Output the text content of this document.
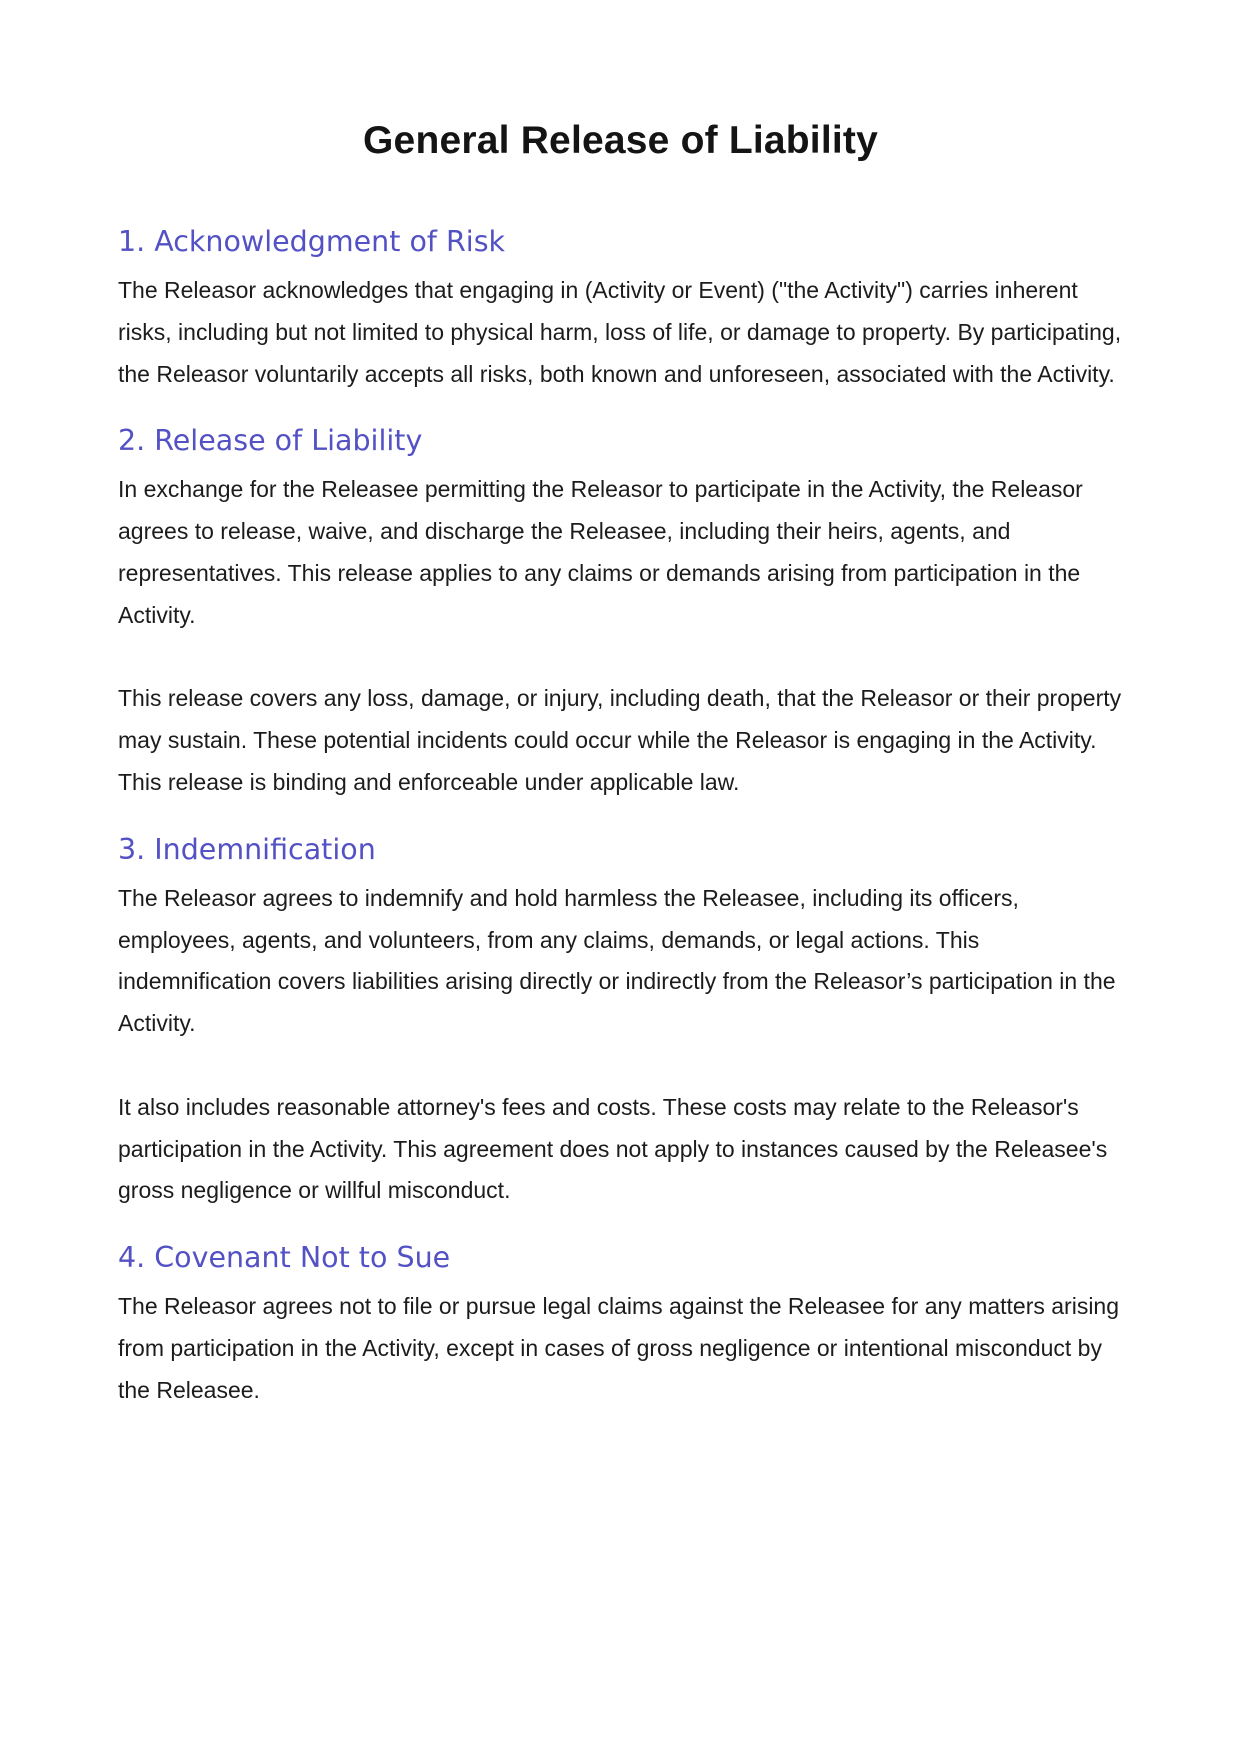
General Release of Liability
1. Acknowledgment of Risk

The Releasor acknowledges that engaging in (Activity or Event) ("the Activity") carries inherent risks, including but not limited to physical harm, loss of life, or damage to property. By participating, the Releasor voluntarily accepts all risks, both known and unforeseen, associated with the Activity.

2. Release of Liability

In exchange for the Releasee permitting the Releasor to participate in the Activity, the Releasor agrees to release, waive, and discharge the Releasee, including their heirs, agents, and representatives. This release applies to any claims or demands arising from participation in the Activity.

This release covers any loss, damage, or injury, including death, that the Releasor or their property may sustain. These potential incidents could occur while the Releasor is engaging in the Activity. This release is binding and enforceable under applicable law.

3. Indemnification

The Releasor agrees to indemnify and hold harmless the Releasee, including its officers, employees, agents, and volunteers, from any claims, demands, or legal actions. This indemnification covers liabilities arising directly or indirectly from the Releasor’s participation in the Activity.

It also includes reasonable attorney's fees and costs. These costs may relate to the Releasor's participation in the Activity. This agreement does not apply to instances caused by the Releasee's gross negligence or willful misconduct.

4. Covenant Not to Sue

The Releasor agrees not to file or pursue legal claims against the Releasee for any matters arising from participation in the Activity, except in cases of gross negligence or intentional misconduct by the Releasee.
